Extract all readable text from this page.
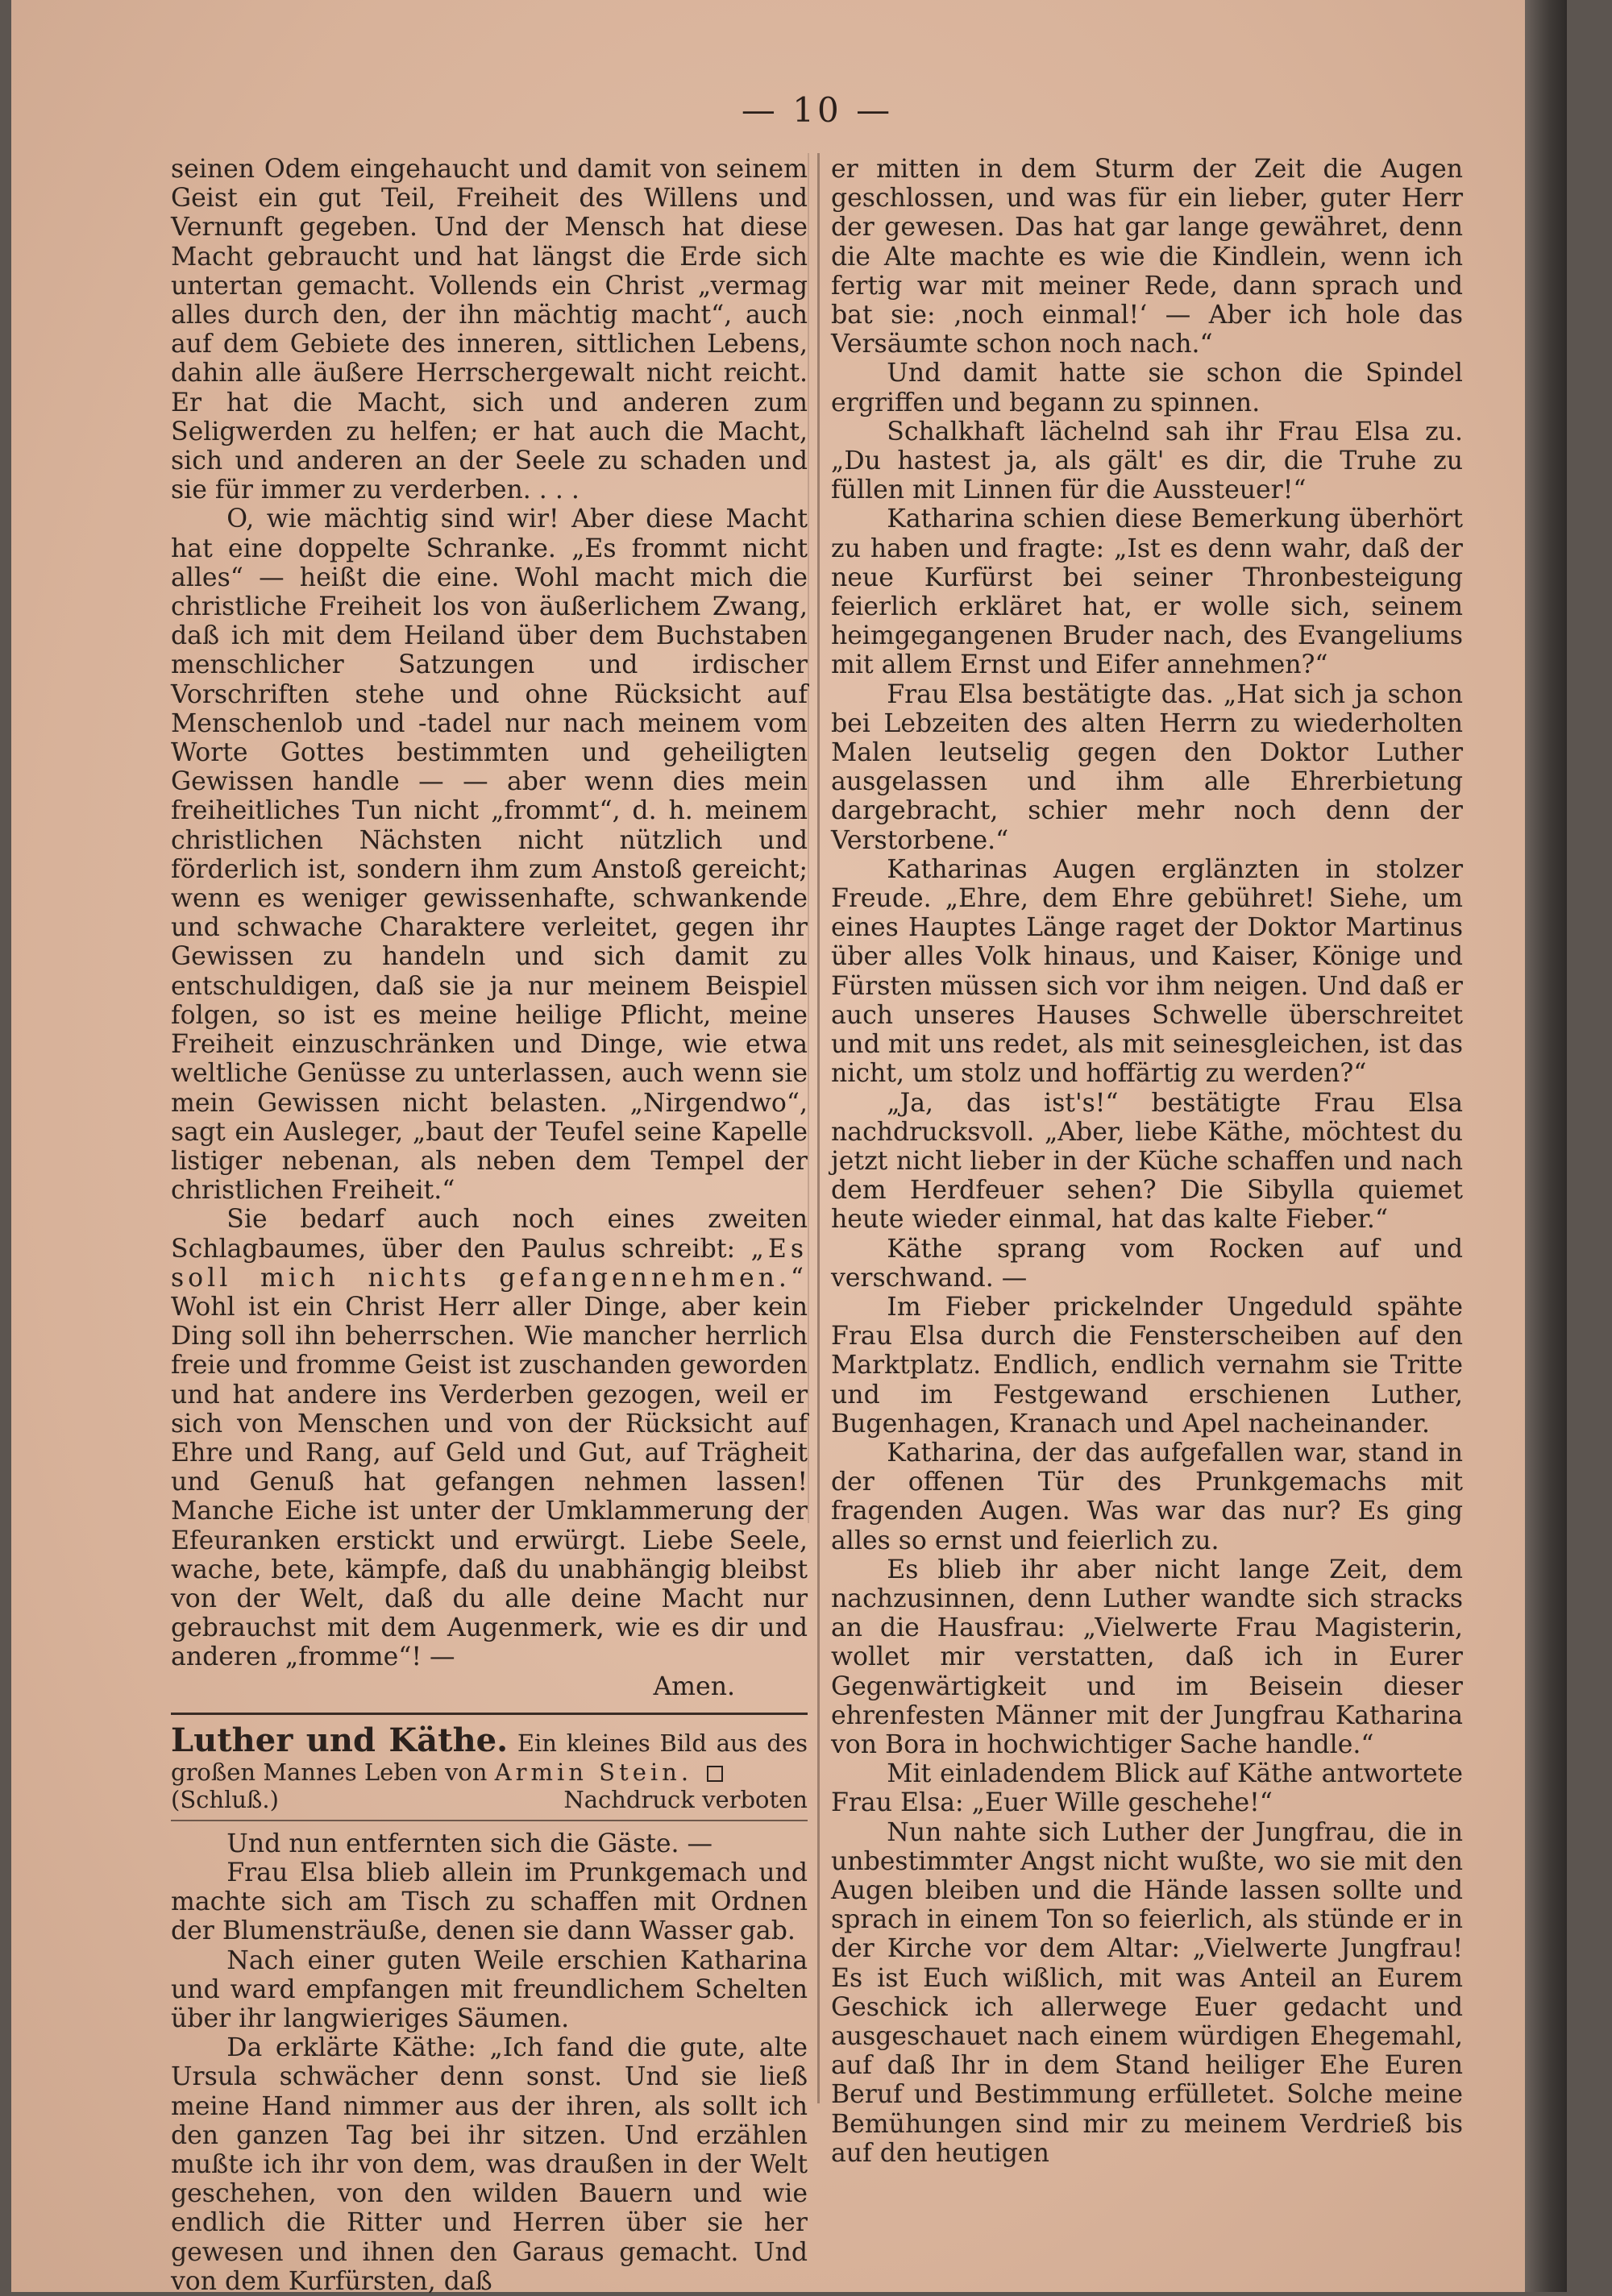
— 10 —

seinen Odem eingehaucht und damit von seinem Geist ein gut Teil, Freiheit des Willens und Vernunft gegeben. Und der Mensch hat diese Macht gebraucht und hat längst die Erde sich untertan gemacht. Vollends ein Christ „vermag alles durch den, der ihn mächtig macht“, auch auf dem Gebiete des inneren, sittlichen Lebens, dahin alle äußere Herrschergewalt nicht reicht. Er hat die Macht, sich und anderen zum Seligwerden zu helfen; er hat auch die Macht, sich und anderen an der Seele zu schaden und sie für immer zu verderben. . . .

O, wie mächtig sind wir! Aber diese Macht hat eine doppelte Schranke. „Es frommt nicht alles“ — heißt die eine. Wohl macht mich die christliche Freiheit los von äußerlichem Zwang, daß ich mit dem Heiland über dem Buchstaben menschlicher Satzungen und irdischer Vorschriften stehe und ohne Rücksicht auf Menschenlob und -tadel nur nach meinem vom Worte Gottes bestimmten und geheiligten Gewissen handle — — aber wenn dies mein freiheitliches Tun nicht „frommt“, d. h. meinem christlichen Nächsten nicht nützlich und förderlich ist, sondern ihm zum Anstoß gereicht; wenn es weniger gewissenhafte, schwankende und schwache Charaktere verleitet, gegen ihr Gewissen zu handeln und sich damit zu entschuldigen, daß sie ja nur meinem Beispiel folgen, so ist es meine heilige Pflicht, meine Freiheit einzuschränken und Dinge, wie etwa weltliche Genüsse zu unterlassen, auch wenn sie mein Gewissen nicht belasten. „Nirgendwo“, sagt ein Ausleger, „baut der Teufel seine Kapelle listiger nebenan, als neben dem Tempel der christlichen Freiheit.“

Sie bedarf auch noch eines zweiten Schlagbaumes, über den Paulus schreibt: „Es soll mich nichts gefangennehmen.“ Wohl ist ein Christ Herr aller Dinge, aber kein Ding soll ihn beherrschen. Wie mancher herrlich freie und fromme Geist ist zuschanden geworden und hat andere ins Verderben gezogen, weil er sich von Menschen und von der Rücksicht auf Ehre und Rang, auf Geld und Gut, auf Trägheit und Genuß hat gefangen nehmen lassen! Manche Eiche ist unter der Umklammerung der Efeuranken erstickt und erwürgt. Liebe Seele, wache, bete, kämpfe, daß du unabhängig bleibst von der Welt, daß du alle deine Macht nur gebrauchst mit dem Augenmerk, wie es dir und anderen „fromme“! —

Amen.

Luther und Käthe. Ein kleines Bild aus des großen Mannes Leben von Armin Stein.

(Schluß.)	Nachdruck verboten

Und nun entfernten sich die Gäste. —

Frau Elsa blieb allein im Prunkgemach und machte sich am Tisch zu schaffen mit Ordnen der Blumensträuße, denen sie dann Wasser gab.

Nach einer guten Weile erschien Katharina und ward empfangen mit freundlichem Schelten über ihr langwieriges Säumen.

Da erklärte Käthe: „Ich fand die gute, alte Ursula schwächer denn sonst. Und sie ließ meine Hand nimmer aus der ihren, als sollt ich den ganzen Tag bei ihr sitzen. Und erzählen mußte ich ihr von dem, was draußen in der Welt geschehen, von den wilden Bauern und wie endlich die Ritter und Herren über sie her gewesen und ihnen den Garaus gemacht. Und von dem Kurfürsten, daß

er mitten in dem Sturm der Zeit die Augen geschlossen, und was für ein lieber, guter Herr der gewesen. Das hat gar lange gewähret, denn die Alte machte es wie die Kindlein, wenn ich fertig war mit meiner Rede, dann sprach und bat sie: ‚noch einmal!‘ — Aber ich hole das Versäumte schon noch nach.“

Und damit hatte sie schon die Spindel ergriffen und begann zu spinnen.

Schalkhaft lächelnd sah ihr Frau Elsa zu. „Du hastest ja, als gält' es dir, die Truhe zu füllen mit Linnen für die Aussteuer!“

Katharina schien diese Bemerkung überhört zu haben und fragte: „Ist es denn wahr, daß der neue Kurfürst bei seiner Thronbesteigung feierlich erkläret hat, er wolle sich, seinem heimgegangenen Bruder nach, des Evangeliums mit allem Ernst und Eifer annehmen?“

Frau Elsa bestätigte das. „Hat sich ja schon bei Lebzeiten des alten Herrn zu wiederholten Malen leutselig gegen den Doktor Luther ausgelassen und ihm alle Ehrerbietung dargebracht, schier mehr noch denn der Verstorbene.“

Katharinas Augen erglänzten in stolzer Freude. „Ehre, dem Ehre gebühret! Siehe, um eines Hauptes Länge raget der Doktor Martinus über alles Volk hinaus, und Kaiser, Könige und Fürsten müssen sich vor ihm neigen. Und daß er auch unseres Hauses Schwelle überschreitet und mit uns redet, als mit seinesgleichen, ist das nicht, um stolz und hoffärtig zu werden?“

„Ja, das ist's!“ bestätigte Frau Elsa nachdrucksvoll. „Aber, liebe Käthe, möchtest du jetzt nicht lieber in der Küche schaffen und nach dem Herdfeuer sehen? Die Sibylla quiemet heute wieder einmal, hat das kalte Fieber.“

Käthe sprang vom Rocken auf und verschwand. —

Im Fieber prickelnder Ungeduld spähte Frau Elsa durch die Fensterscheiben auf den Marktplatz. Endlich, endlich vernahm sie Tritte und im Festgewand erschienen Luther, Bugenhagen, Kranach und Apel nacheinander.

Katharina, der das aufgefallen war, stand in der offenen Tür des Prunkgemachs mit fragenden Augen. Was war das nur? Es ging alles so ernst und feierlich zu.

Es blieb ihr aber nicht lange Zeit, dem nachzusinnen, denn Luther wandte sich stracks an die Hausfrau: „Vielwerte Frau Magisterin, wollet mir verstatten, daß ich in Eurer Gegenwärtigkeit und im Beisein dieser ehrenfesten Männer mit der Jungfrau Katharina von Bora in hochwichtiger Sache handle.“

Mit einladendem Blick auf Käthe antwortete Frau Elsa: „Euer Wille geschehe!“

Nun nahte sich Luther der Jungfrau, die in unbestimmter Angst nicht wußte, wo sie mit den Augen bleiben und die Hände lassen sollte und sprach in einem Ton so feierlich, als stünde er in der Kirche vor dem Altar: „Vielwerte Jungfrau! Es ist Euch wißlich, mit was Anteil an Eurem Geschick ich allerwege Euer gedacht und ausgeschauet nach einem würdigen Ehegemahl, auf daß Ihr in dem Stand heiliger Ehe Euren Beruf und Bestimmung erfülletet. Solche meine Bemühungen sind mir zu meinem Verdrieß bis auf den heutigen
